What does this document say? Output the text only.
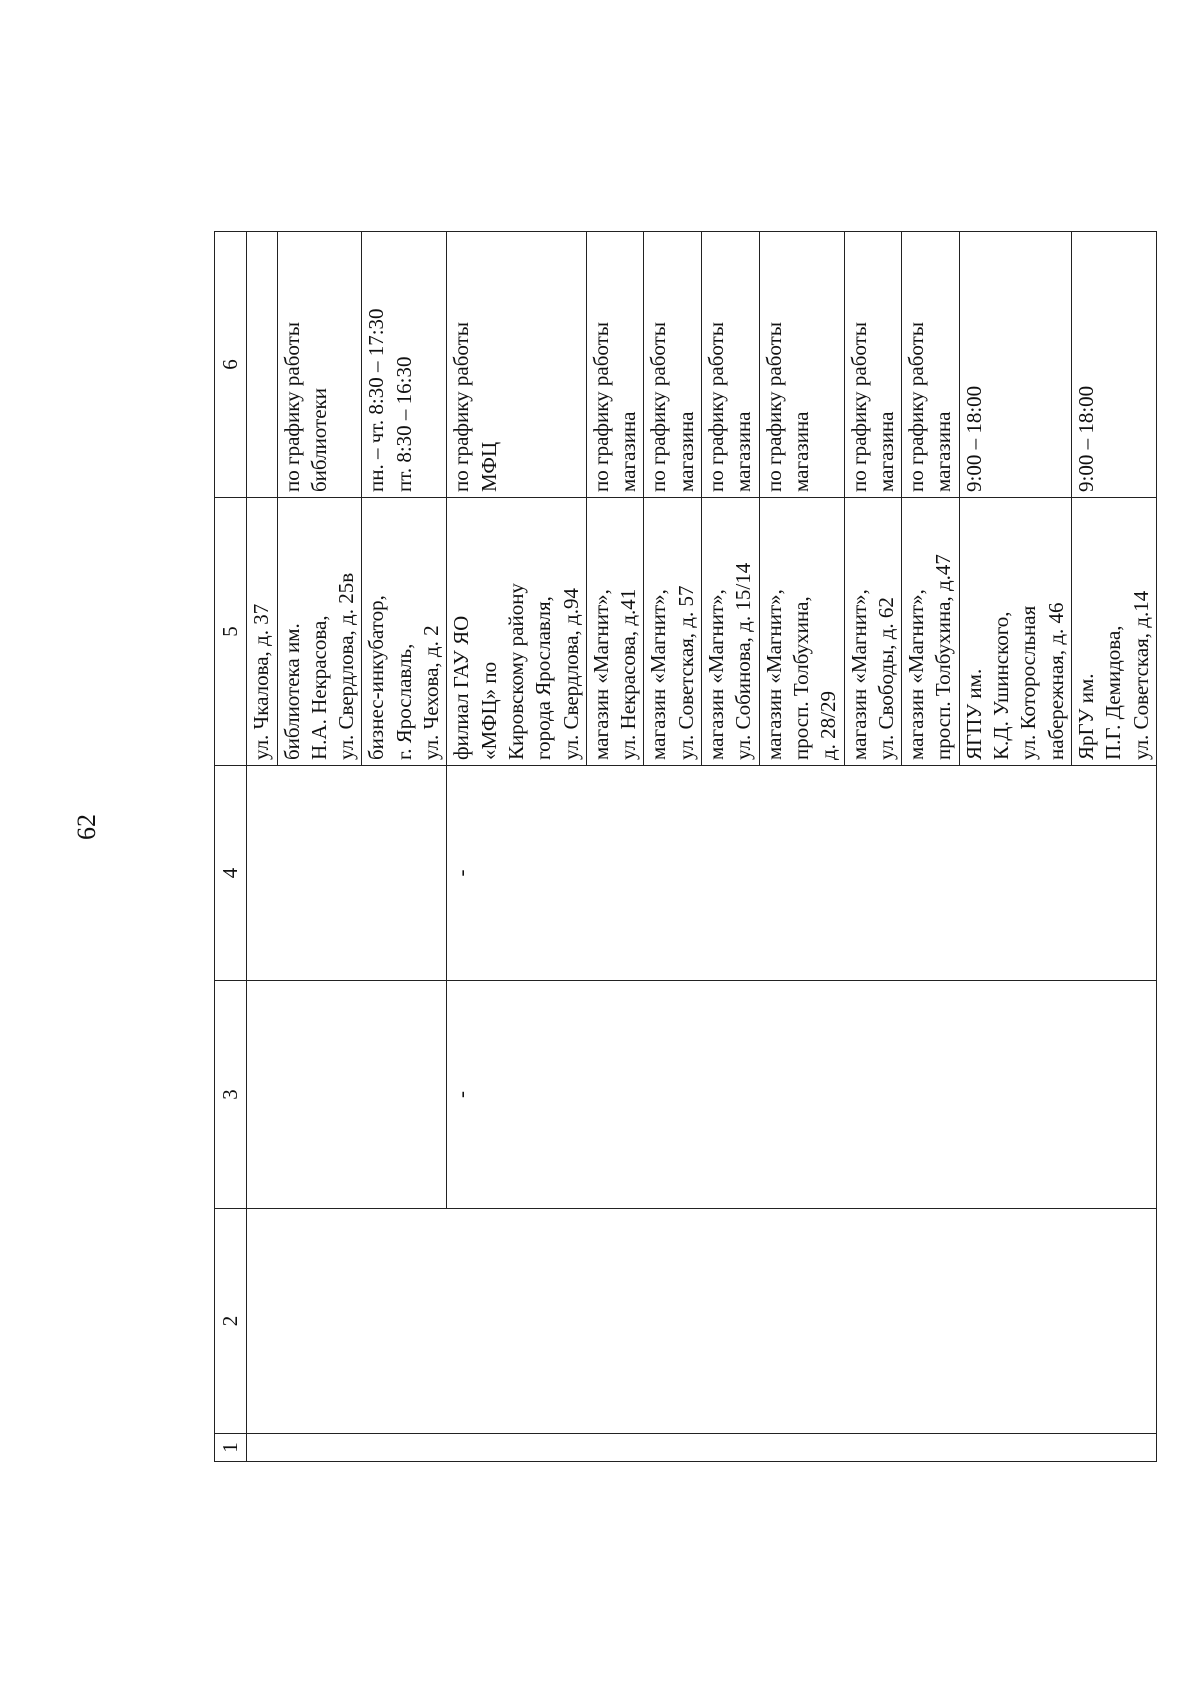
62
1	2	3	4	5	6
				ул. Чкалова, д. 37	
				библиотека им.
Н.А. Некрасова,
ул. Свердлова, д. 25в	по графику работы
библиотеки
				бизнес-инкубатор,
г. Ярославль,
ул. Чехова, д. 2	пн. – чт. 8:30 – 17:30
пт. 8:30 – 16:30
		-	-	филиал ГАУ ЯО
«МФЦ» по
Кировскому району
города Ярославля,
ул. Свердлова, д.94	по графику работы
МФЦ
				магазин «Магнит»,
ул. Некрасова, д.41	по графику работы
магазина
				магазин «Магнит»,
ул. Советская, д. 57	по графику работы
магазина
				магазин «Магнит»,
ул. Собинова, д. 15/14	по графику работы
магазина
				магазин «Магнит»,
просп. Толбухина,
д. 28/29	по графику работы
магазина
				магазин «Магнит»,
ул. Свободы, д. 62	по графику работы
магазина
				магазин «Магнит»,
просп. Толбухина, д.47	по графику работы
магазина
				ЯГПУ им.
К.Д. Ушинского,
ул. Которосльная
набережная, д. 46	9:00 – 18:00
				ЯрГУ им.
П.Г. Демидова,
ул. Советская, д.14	9:00 – 18:00
